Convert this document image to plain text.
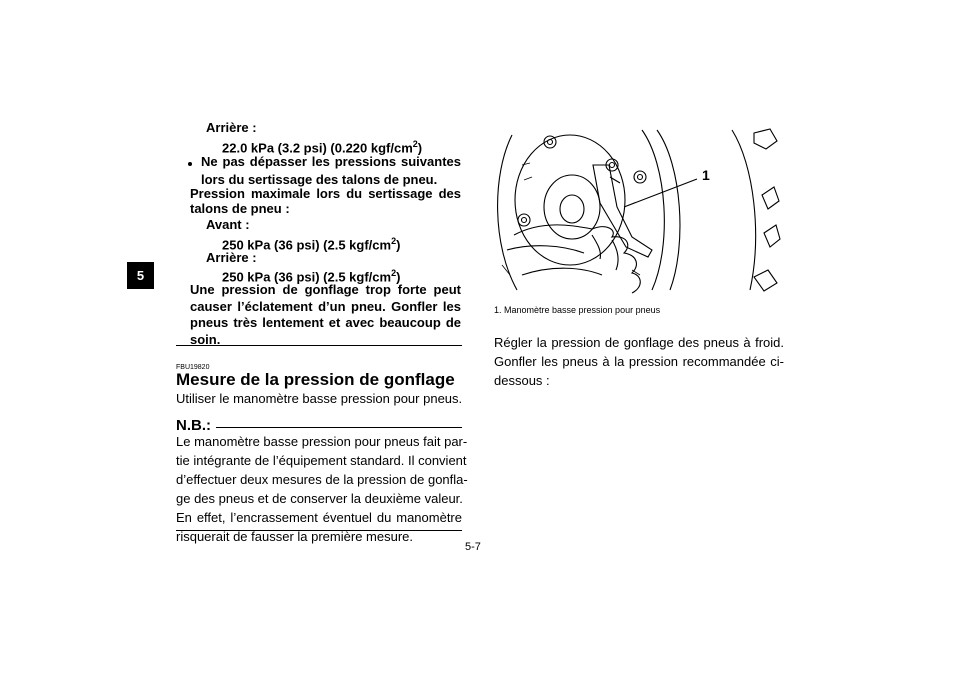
5
Arrière :
22.0 kPa (3.2 psi) (0.220 kgf/$cm^2$)
Ne pas dépasser les pressions suivantes
lors du sertissage des talons de pneu.
Pression maximale lors du sertissage des
talons de pneu :
Avant :
250 kPa (36 psi) (2.5 kgf/$cm^2$)
Arrière :
250 kPa (36 psi) (2.5 kgf/$cm^2$)
Une pression de gonflage trop forte peut
causer l’éclatement d’un pneu. Gonfler les
pneus très lentement et avec beaucoup de
soin.
FBU19820
Mesure de la pression de gonflage
Utiliser le manomètre basse pression pour pneus.
N.B.:
Le manomètre basse pression pour pneus fait par-
tie intégrante de l’équipement standard. Il convient
d’effectuer deux mesures de la pression de gonfla-
ge des pneus et de conserver la deuxième valeur.
En effet, l’encrassement éventuel du manomètre
risquerait de fausser la première mesure.
1
1. Manomètre basse pression pour pneus
Régler la pression de gonflage des pneus à froid.
Gonfler les pneus à la pression recommandée ci-
dessous :
5-7
